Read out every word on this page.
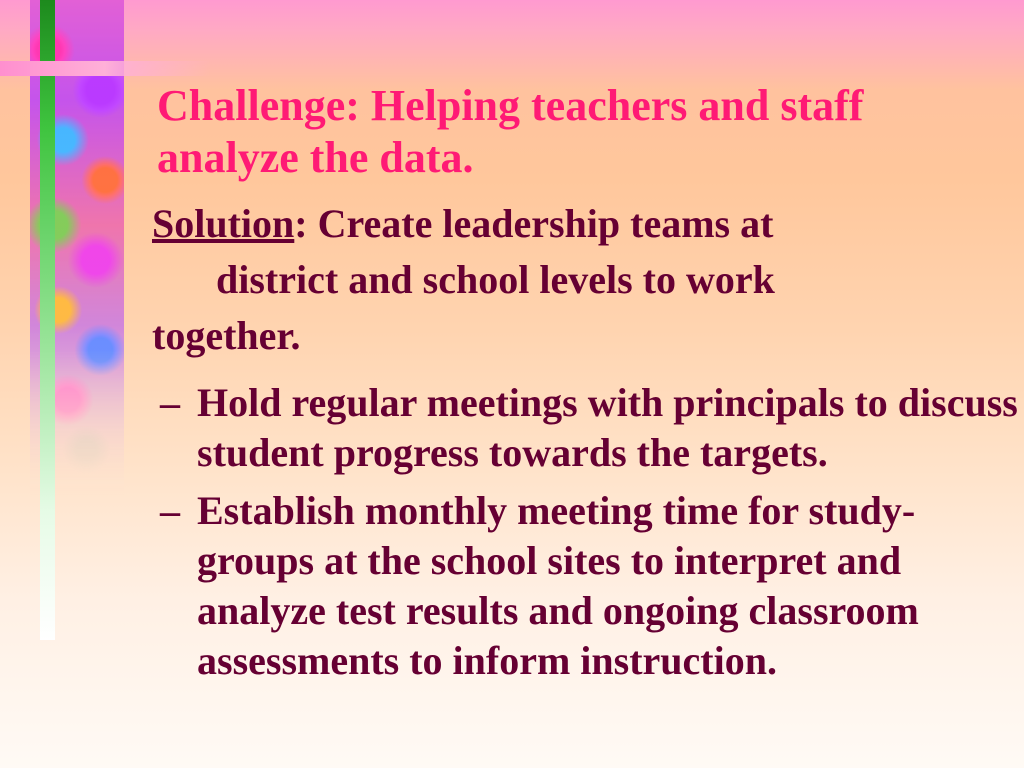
Challenge: Helping teachers and staff analyze the data.
Solution: Create leadership teams at
district and school levels to work
together.
– Hold regular meetings with principals to discuss student progress towards the targets.
– Establish monthly meeting time for study-groups at the school sites to interpret and analyze test results and ongoing classroom assessments to inform instruction.
